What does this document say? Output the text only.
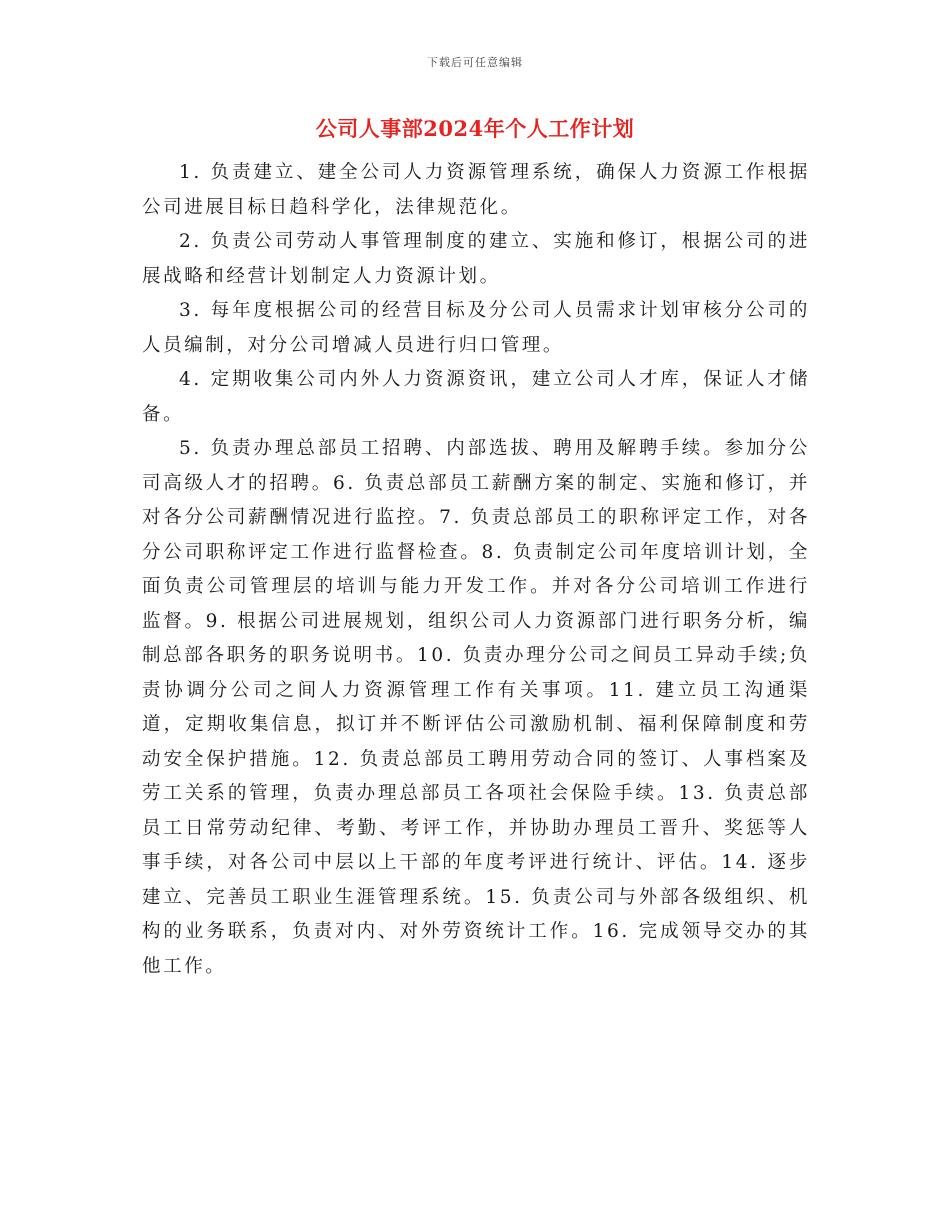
下载后可任意编辑
公司人事部2024年个人工作计划

1. 负责建立、建全公司人力资源管理系统，确保人力资源工作根据公司进展目标日趋科学化，法律规范化。

2. 负责公司劳动人事管理制度的建立、实施和修订，根据公司的进展战略和经营计划制定人力资源计划。

3. 每年度根据公司的经营目标及分公司人员需求计划审核分公司的人员编制，对分公司增减人员进行归口管理。

4. 定期收集公司内外人力资源资讯，建立公司人才库，保证人才储备。

5. 负责办理总部员工招聘、内部选拔、聘用及解聘手续。参加分公司高级人才的招聘。6. 负责总部员工薪酬方案的制定、实施和修订，并对各分公司薪酬情况进行监控。7. 负责总部员工的职称评定工作，对各分公司职称评定工作进行监督检查。8. 负责制定公司年度培训计划，全面负责公司管理层的培训与能力开发工作。并对各分公司培训工作进行监督。9. 根据公司进展规划，组织公司人力资源部门进行职务分析，编制总部各职务的职务说明书。10. 负责办理分公司之间员工异动手续;负责协调分公司之间人力资源管理工作有关事项。11. 建立员工沟通渠道，定期收集信息，拟订并不断评估公司激励机制、福利保障制度和劳动安全保护措施。12. 负责总部员工聘用劳动合同的签订、人事档案及劳工关系的管理，负责办理总部员工各项社会保险手续。13. 负责总部员工日常劳动纪律、考勤、考评工作，并协助办理员工晋升、奖惩等人事手续，对各公司中层以上干部的年度考评进行统计、评估。14. 逐步建立、完善员工职业生涯管理系统。15. 负责公司与外部各级组织、机构的业务联系，负责对内、对外劳资统计工作。16. 完成领导交办的其他工作。
